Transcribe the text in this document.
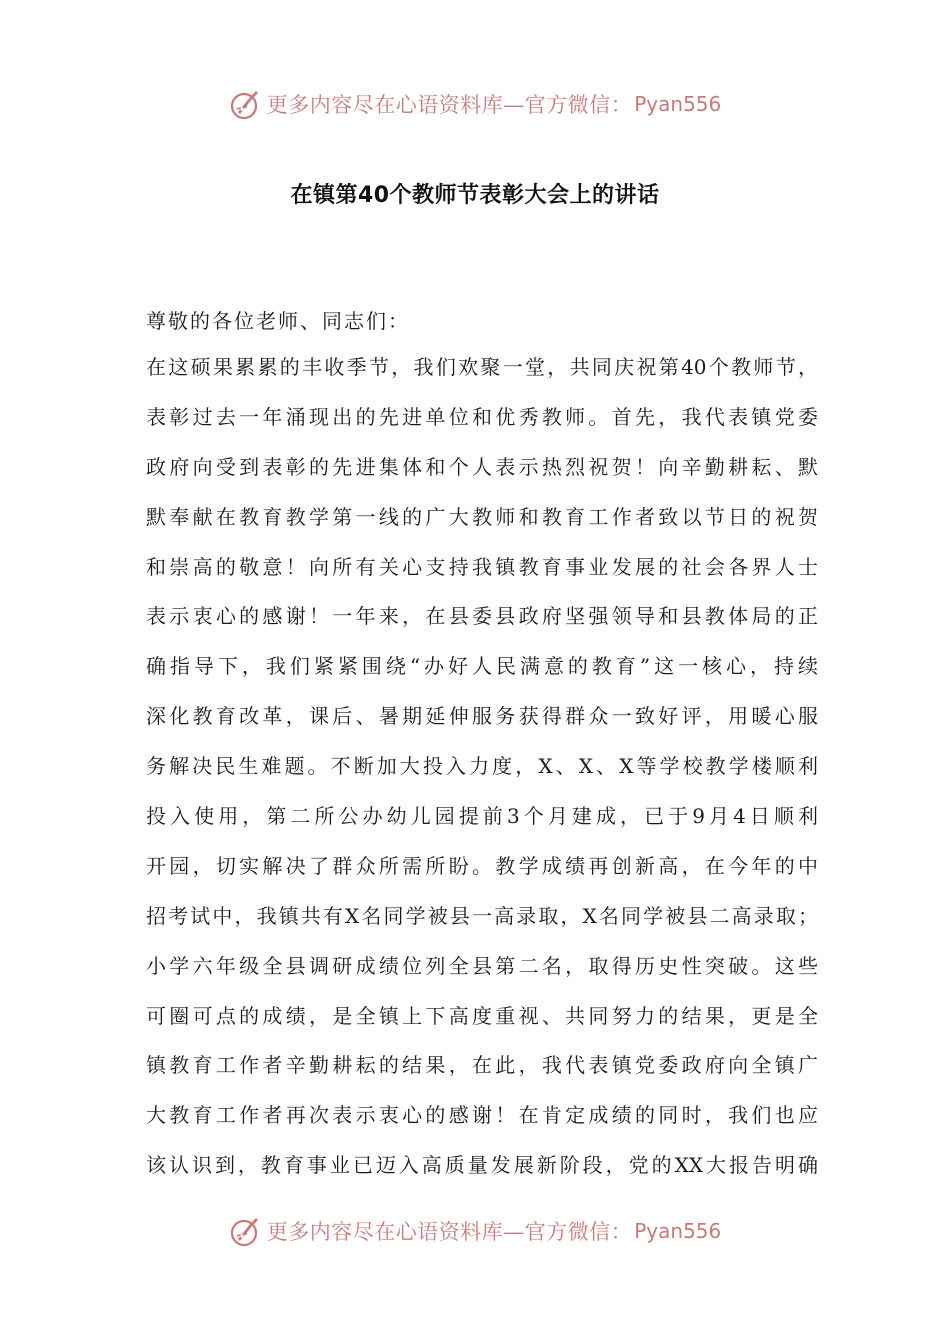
更多内容尽在心语资料库—官方微信： Pyan556
在镇第40个教师节表彰大会上的讲话
尊敬的各位老师、同志们：
在这硕果累累的丰收季节，我们欢聚一堂，共同庆祝第40个教师节，
表彰过去一年涌现出的先进单位和优秀教师。首先，我代表镇党委
政府向受到表彰的先进集体和个人表示热烈祝贺！向辛勤耕耘、默
默奉献在教育教学第一线的广大教师和教育工作者致以节日的祝贺
和崇高的敬意！向所有关心支持我镇教育事业发展的社会各界人士
表示衷心的感谢！一年来，在县委县政府坚强领导和县教体局的正
确指导下，我们紧紧围绕“办好人民满意的教育”这一核心，持续
深化教育改革，课后、暑期延伸服务获得群众一致好评，用暖心服
务解决民生难题。不断加大投入力度，X、X、X等学校教学楼顺利
投入使用，第二所公办幼儿园提前3个月建成，已于9月4日顺利
开园，切实解决了群众所需所盼。教学成绩再创新高，在今年的中
招考试中，我镇共有X名同学被县一高录取，X名同学被县二高录取；
小学六年级全县调研成绩位列全县第二名，取得历史性突破。这些
可圈可点的成绩，是全镇上下高度重视、共同努力的结果，更是全
镇教育工作者辛勤耕耘的结果，在此，我代表镇党委政府向全镇广
大教育工作者再次表示衷心的感谢！在肯定成绩的同时，我们也应
该认识到，教育事业已迈入高质量发展新阶段，党的XX大报告明确
更多内容尽在心语资料库—官方微信： Pyan556
